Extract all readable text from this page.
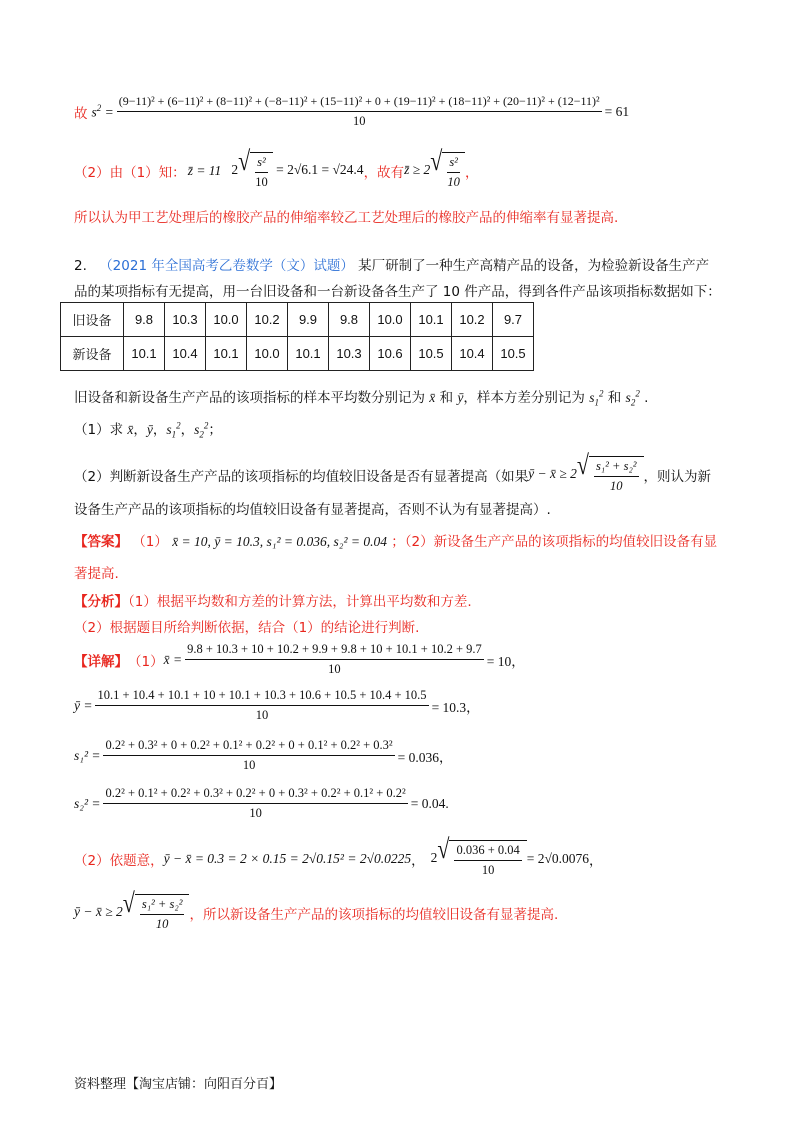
故 $s^2$ =
(9−11)² + (6−11)² + (8−11)² + (−8−11)² + (15−11)² + 0 + (19−11)² + (18−11)² + (20−11)² + (12−11)²
10
= 61
（2）由（1）知： z̄ = 11 2 √ $\frac{\text{s²}}{10} = 2√6.1 = √24.4$ ，故有 z̄ ≥ 2 √ $\frac{\text{s²}}{10}$ ，
所以认为甲工艺处理后的橡胶产品的伸缩率较乙工艺处理后的橡胶产品的伸缩率有显著提高.
2. （2021 年全国高考乙卷数学（文）试题） 某厂研制了一种生产高精产品的设备，为检验新设备生产产
品的某项指标有无提高，用一台旧设备和一台新设备各生产了 10 件产品，得到各件产品该项指标数据如下：
旧设备	9.8	10.3	10.0	10.2	9.9	9.8	10.0	10.1	10.2	9.7
新设备	10.1	10.4	10.1	10.0	10.1	10.3	10.6	10.5	10.4	10.5
旧设备和新设备生产产品的该项指标的样本平均数分别记为 x̄ 和 ȳ，样本方差分别记为 $s_1^2$ 和 $s_2^2$ .
（1）求 x̄，ȳ，$s_1^2$，$s_2^2$；
（2）判断新设备生产产品的该项指标的均值较旧设备是否有显著提高（如果 ȳ − x̄ ≥ 2 √ $\frac{\text{s₁² + s₂²}}{10}$ ，则认为新
设备生产产品的该项指标的均值较旧设备有显著提高，否则不认为有显著提高）.
【答案】 （1） x̄ = 10, ȳ = 10.3, s₁² = 0.036, s₂² = 0.04 ；（2）新设备生产产品的该项指标的均值较旧设备有显
著提高.
【分析】（1）根据平均数和方差的计算方法，计算出平均数和方差.
（2）根据题目所给判断依据，结合（1）的结论进行判断.
【详解】 （1） x̄ = $\frac{9.8 + 10.3 + 10 + 10.2 + 9.9 + 9.8 + 10 + 10.1 + 10.2 + 9.7}{10} = 10$，
ȳ =
10.1 + 10.4 + 10.1 + 10 + 10.1 + 10.3 + 10.6 + 10.5 + 10.4 + 10.5
10
= 10.3，
s₁² =
0.2² + 0.3² + 0 + 0.2² + 0.1² + 0.2² + 0 + 0.1² + 0.2² + 0.3²
10
= 0.036，
s₂² =
0.2² + 0.1² + 0.2² + 0.3² + 0.2² + 0 + 0.3² + 0.2² + 0.1² + 0.2²
10
= 0.04.
（2）依题意， ȳ − x̄ = 0.3 = 2 × 0.15 = 2√0.15² = 2√0.0225 ， 2 √ $\frac{0.036 + 0.04}{10} = 2√0.0076$ ，
ȳ − x̄ ≥ 2 √ $\frac{\text{s₁² + s₂²}}{10}$ ，所以新设备生产产品的该项指标的均值较旧设备有显著提高.
资料整理【淘宝店铺：向阳百分百】
